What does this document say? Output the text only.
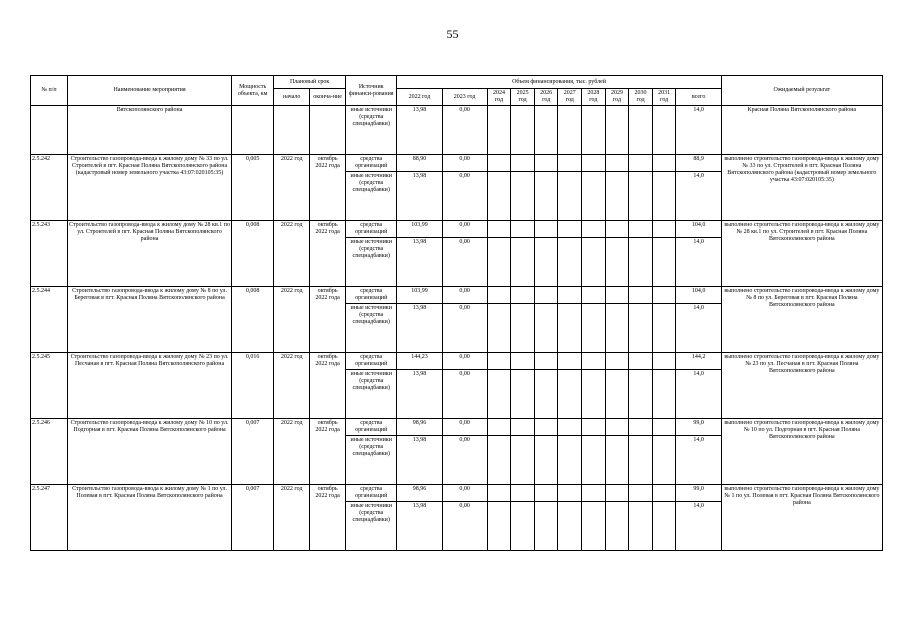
55
№ п/п	Наименование мероприятия	Мощность объекта, км	Плановый срок		Источник финанси-рования	Объем финансирования, тыс. рублей											Ожидаемый результат
			начало	оконча-ние		2022 год	2023 год	2024 год	2025 год	2026 год	2027 год	2028 год	2029 год	2030 год	2031 год	всего	

	Вятскополянского района				иные источники (средства спецнадбавки)	13,98	0,00									14,0	Красная Поляна Вятскополянского района
2.5.242	Строительство газопровода-ввода к жилому дому № 33 по ул. Строителей в пгт. Красная Поляна Вятскополянского района (кадастровый номер земельного участка 43:07:020105:35)	0,005	2022 год	октябрь 2022 года	средства организаций	88,90	0,00									88,9	выполнено строительство газопровода-ввода к жилому дому № 33 по ул. Строителей в пгт. Красная Поляна Вятскополянского района (кадастровый номер земельного участка 43:07:020105:35)
					иные источники (средства спецнадбавки)	13,98	0,00									14,0	
2.5.243	Строительство газопровода-ввода к жилому дому № 28 кв.1 по ул. Строителей в пгт. Красная Поляна Вятскополянского района	0,008	2022 год	октябрь 2022 года	средства организаций	103,99	0,00									104,0	выполнено строительство газопровода-ввода к жилому дому № 28 кв.1 по ул. Строителей в пгт. Красная Поляна Вятскополянского района
					иные источники (средства спецнадбавки)	13,98	0,00									14,0	
2.5.244	Строительство газопровода-ввода к жилому дому № 8 по ул. Береговая в пгт. Красная Поляна Вятскополянского района	0,008	2022 год	октябрь 2022 года	средства организаций	103,99	0,00									104,0	выполнено строительство газопровода-ввода к жилому дому № 8 по ул. Береговая в пгт. Красная Поляна Вятскополянского района
					иные источники (средства спецнадбавки)	13,98	0,00									14,0	
2.5.245	Строительство газопровода-ввода к жилому дому № 23 по ул. Песчаная в пгт. Красная Поляна Вятскополянского района	0,016	2022 год	октябрь 2022 года	средства организаций	144,23	0,00									144,2	выполнено строительство газопровода-ввода к жилому дому № 23 по ул. Песчаная в пгт. Красная Поляна Вятскополянского района
					иные источники (средства спецнадбавки)	13,98	0,00									14,0	
2.5.246	Строительство газопровода-ввода к жилому дому № 10 по ул. Подгорная в пгт. Красная Поляна Вятскополянского района	0,007	2022 год	октябрь 2022 года	средства организаций	98,96	0,00									99,0	выполнено строительство газопровода-ввода к жилому дому № 10 по ул. Подгорная в пгт. Красная Поляна Вятскополянского района
					иные источники (средства спецнадбавки)	13,98	0,00									14,0	
2.5.247	Строительство газопровода-ввода к жилому дому № 1 по ул. Полевая в пгт. Красная Поляна Вятскополянского района	0,007	2022 год	октябрь 2022 года	средства организаций	98,96	0,00									99,0	выполнено строительство газопровода-ввода к жилому дому № 1 по ул. Полевая в пгт. Красная Поляна Вятскополянского района
					иные источники (средства спецнадбавки)	13,98	0,00									14,0	
